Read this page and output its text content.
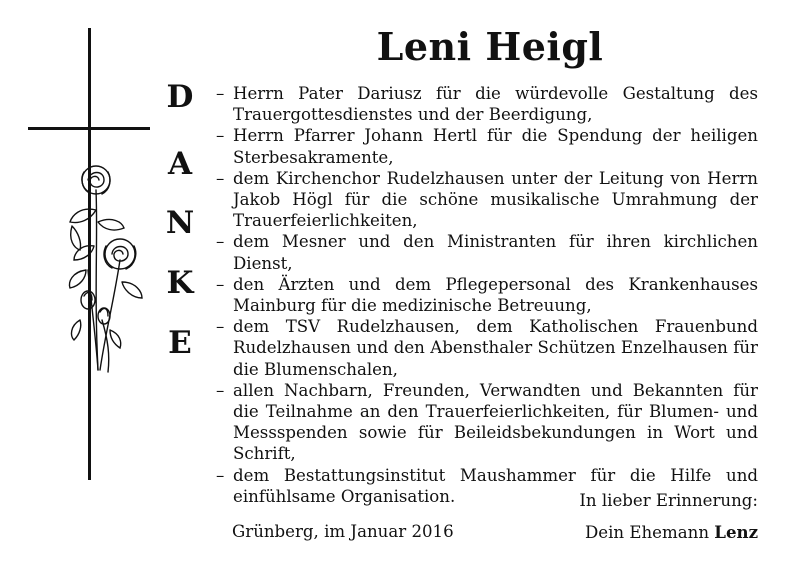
Leni Heigl
D
A
N
K
E
– Herrn Pater Dariusz für die würdevolle Gestaltung des Trauergottesdienstes und der Beerdigung,
– Herrn Pfarrer Johann Hertl für die Spendung der heiligen Sterbesakramente,
– dem Kirchenchor Rudelzhausen unter der Leitung von Herrn Jakob Högl für die schöne musikalische Umrahmung der Trauerfeierlichkeiten,
– dem Mesner und den Ministranten für ihren kirchlichen Dienst,
– den Ärzten und dem Pflegepersonal des Krankenhauses Mainburg für die medizinische Betreuung,
– dem TSV Rudelzhausen, dem Katholischen Frauenbund Rudelzhausen und den Abensthaler Schützen Enzelhausen für die Blumenschalen,
– allen Nachbarn, Freunden, Verwandten und Bekannten für die Teilnahme an den Trauerfeierlichkeiten, für Blumen- und Messspenden sowie für Beileidsbekundungen in Wort und Schrift,
– dem Bestattungsinstitut Maushammer für die Hilfe und einfühlsame Organisation.	In lieber Erinnerung:
Grünberg, im Januar 2016	Dein Ehemann Lenz
